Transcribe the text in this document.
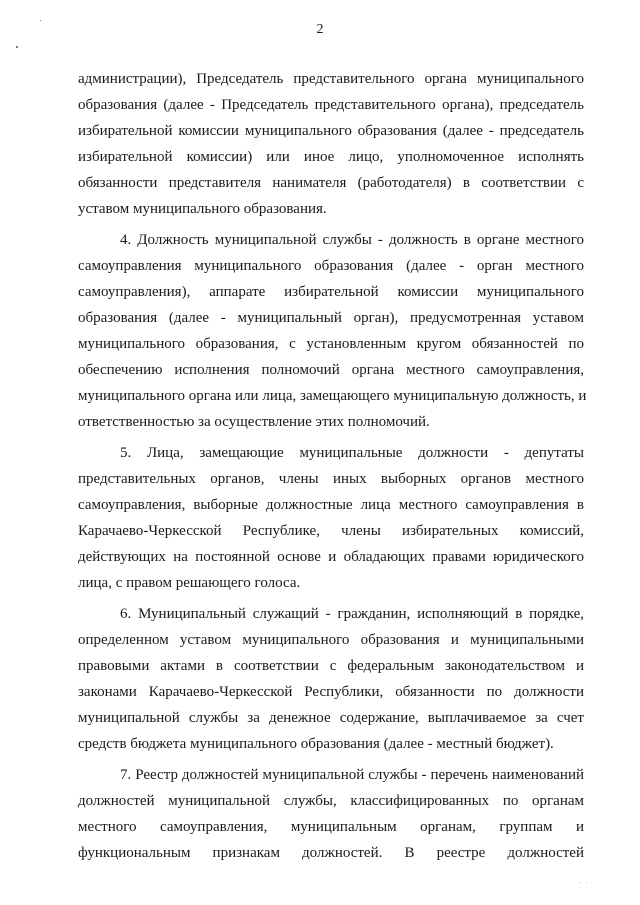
2
администрации), Председатель представительного органа муниципального
образования (далее - Председатель представительного органа), председатель
избирательной комиссии муниципального образования (далее - председатель
избирательной комиссии) или иное лицо, уполномоченное исполнять
обязанности представителя нанимателя (работодателя) в соответствии с
уставом муниципального образования.
4. Должность муниципальной службы - должность в органе местного
самоуправления муниципального образования (далее - орган местного
самоуправления), аппарате избирательной комиссии муниципального
образования (далее - муниципальный орган), предусмотренная уставом
муниципального образования, с установленным кругом обязанностей по
обеспечению исполнения полномочий органа местного самоуправления,
муниципального органа или лица, замещающего муниципальную должность, и
ответственностью за осуществление этих полномочий.
5. Лица, замещающие муниципальные должности - депутаты
представительных органов, члены иных выборных органов местного
самоуправления, выборные должностные лица местного самоуправления в
Карачаево-Черкесской Республике, члены избирательных комиссий,
действующих на постоянной основе и обладающих правами юридического
лица, с правом решающего голоса.
6. Муниципальный служащий - гражданин, исполняющий в порядке,
определенном уставом муниципального образования и муниципальными
правовыми актами в соответствии с федеральным законодательством и
законами Карачаево-Черкесской Республики, обязанности по должности
муниципальной службы за денежное содержание, выплачиваемое за счет
средств бюджета муниципального образования (далее - местный бюджет).
7. Реестр должностей муниципальной службы - перечень наименований
должностей муниципальной службы, классифицированных по органам
местного самоуправления, муниципальным органам, группам и
функциональным признакам должностей. В реестре должностей
